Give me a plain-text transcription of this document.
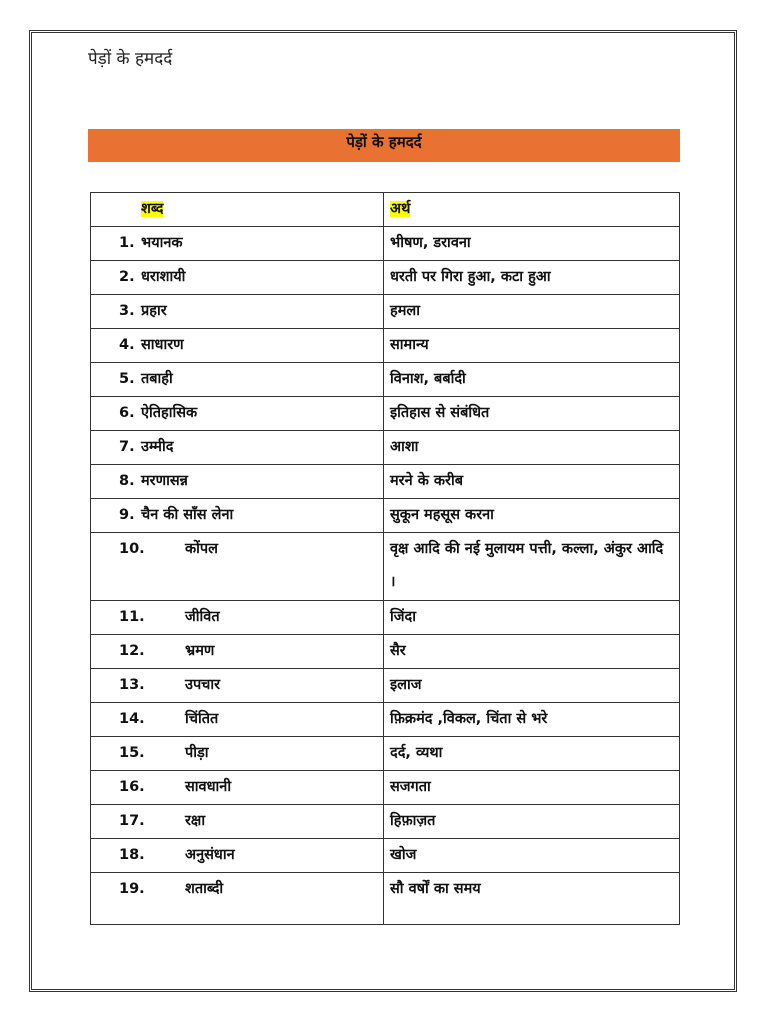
पेड़ों के हमदर्द
पेड़ों के हमदर्द
शब्द	अर्थ
1. भयानक	भीषण, डरावना
2. धराशायी	धरती पर गिरा हुआ, कटा हुआ
3. प्रहार	हमला
4. साधारण	सामान्य
5. तबाही	विनाश, बर्बादी
6. ऐतिहासिक	इतिहास से संबंधित
7. उम्मीद	आशा
8. मरणासन्न	मरने के करीब
9. चैन की साँस लेना	सुकून महसूस करना
10. कोंपल	वृक्ष आदि की नई मुलायम पत्ती, कल्ला, अंकुर आदि ।
11. जीवित	जिंदा
12. भ्रमण	सैर
13. उपचार	इलाज
14. चिंतित	फ़िक्रमंद ,विकल, चिंता से भरे
15. पीड़ा	दर्द, व्यथा
16. सावधानी	सजगता
17. रक्षा	हिफ़ाज़त
18. अनुसंधान	खोज
19. शताब्दी	सौ वर्षों का समय
